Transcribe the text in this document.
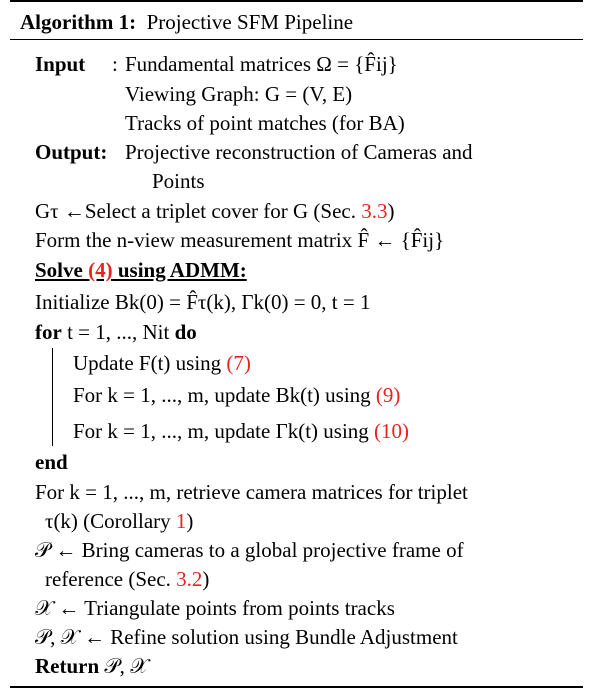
Algorithm 1: Projective SFM Pipeline
Input : Fundamental matrices Ω = {F̂ij}
Viewing Graph: G = (V, E)
Tracks of point matches (for BA)
Output: Projective reconstruction of Cameras and
Points
Gτ ←Select a triplet cover for G (Sec. 3.3)
Form the n-view measurement matrix F̂ ← {F̂ij}
Solve (4) using ADMM:
Initialize Bk(0) = F̂τ(k), Γk(0) = 0, t = 1
for t = 1, ..., Nit do
Update F(t) using (7)
For k = 1, ..., m, update Bk(t) using (9)
For k = 1, ..., m, update Γk(t) using (10)
end
For k = 1, ..., m, retrieve camera matrices for triplet
τ(k) (Corollary 1)
𝒫 ← Bring cameras to a global projective frame of
reference (Sec. 3.2)
𝒳 ← Triangulate points from points tracks
𝒫, 𝒳 ← Refine solution using Bundle Adjustment
Return 𝒫, 𝒳
